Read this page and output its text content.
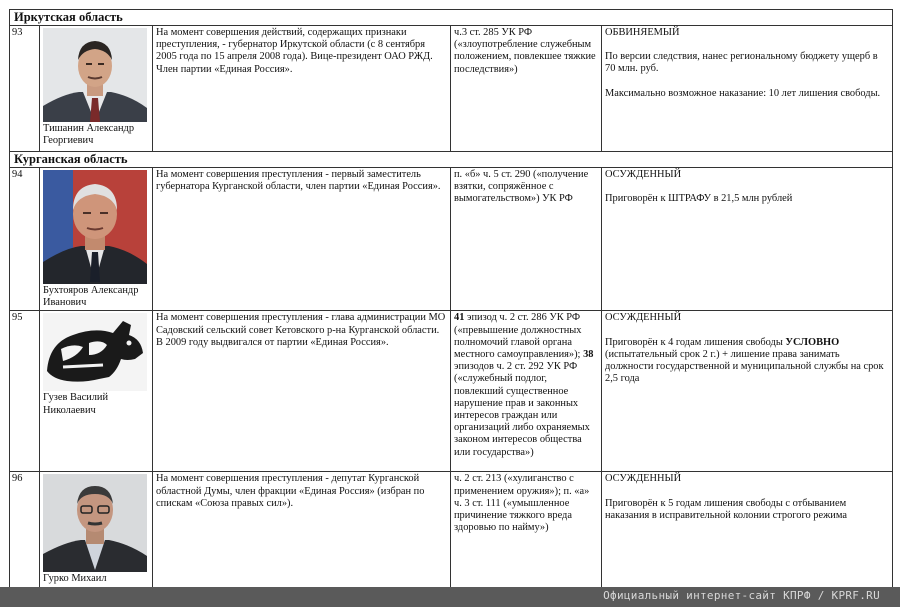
Иркутская область				
93	Тишанин Александр Георгиевич	На момент совершения действий, содержащих признаки преступления, - губернатор Иркутской области (с 8 сентября 2005 года по 15 апреля 2008 года). Вице-президент ОАО РЖД. Член партии «Единая Россия».	ч.3 ст. 285 УК РФ («злоупотребление служебным положением, повлекшее тяжкие последствия»)	ОБВИНЯЕМЫЙ

По версии следствия, нанес региональному бюджету ущерб в 70 млн. руб.

Максимально возможное наказание: 10 лет лишения свободы.

Курганская область				
94	Бухтояров Александр Иванович	На момент совершения преступления - первый заместитель губернатора Курганской области, член партии «Единая Россия».	п. «б» ч. 5 ст. 290 («получение взятки, сопряжённое с вымогательством») УК РФ	ОСУЖДЕННЫЙ

Приговорён к ШТРАФУ в 21,5 млн рублей

95	Гузев Василий Николаевич	На момент совершения преступления - глава администрации МО Садовский сельский совет Кетовского р-на Курганской области. В 2009 году выдвигался от партии «Единая Россия».	41 эпизод ч. 2 ст. 286 УК РФ («превышение должностных полномочий главой органа местного самоуправления»); 38 эпизодов ч. 2 ст. 292 УК РФ («служебный подлог, повлекший существенное нарушение прав и законных интересов граждан или организаций либо охраняемых законом интересов общества или государства»)	ОСУЖДЕННЫЙ

Приговорён к 4 годам лишения свободы УСЛОВНО (испытательный срок 2 г.) + лишение права занимать должности государственной и муниципальной службы на срок 2,5 года

96	Гурко Михаил	На момент совершения преступления - депутат Курганской областной Думы, член фракции «Единая Россия» (избран по спискам «Союза правых сил»).	ч. 2 ст. 213 («хулиганство с применением оружия»); п. «а» ч. 3 ст. 111 («умышленное причинение тяжкого вреда здоровью по найму»)	ОСУЖДЕННЫЙ

Приговорён к 5 годам лишения свободы с отбыванием наказания в исправительной колонии строгого режима

Официальный интернет-сайт КПРФ / KPRF.RU
